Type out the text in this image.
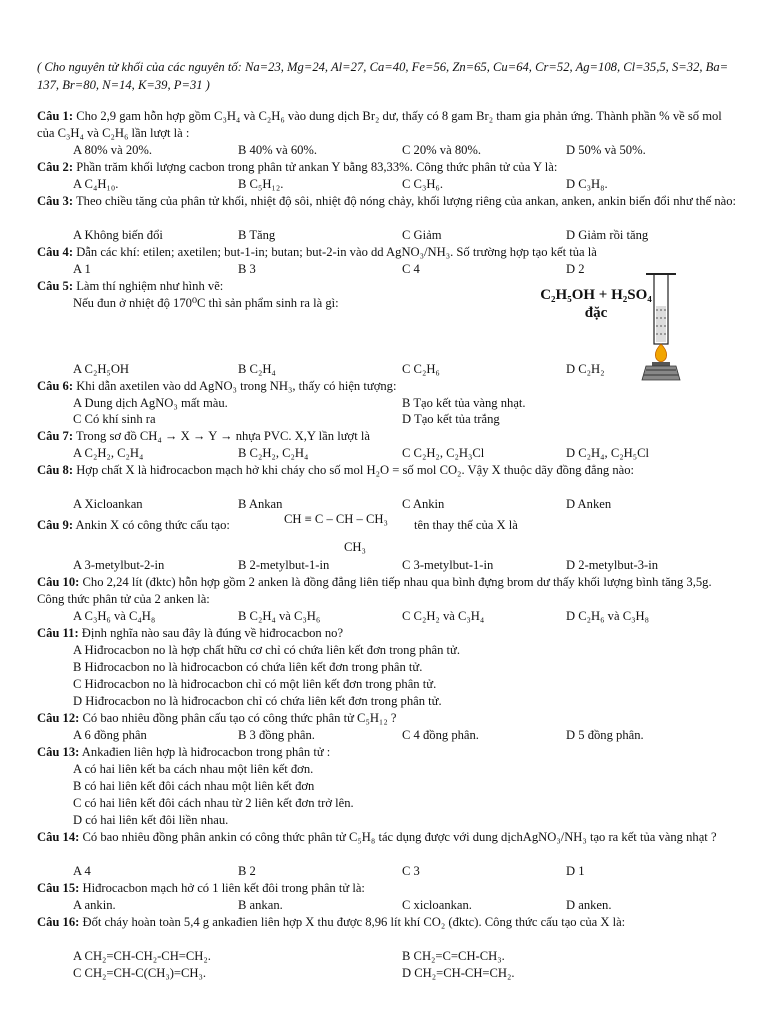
( Cho nguyên tử khối của các nguyên tố: Na=23, Mg=24, Al=27, Ca=40, Fe=56, Zn=65, Cu=64, Cr=52, Ag=108, Cl=35,5, S=32, Ba= 137, Br=80, N=14, K=39, P=31 )
Câu 1: Cho 2,9 gam hỗn hợp gồm C₃H₄ và C₂H₆ vào dung dịch Br₂ dư, thấy có 8 gam Br₂ tham gia phản ứng. Thành phần % về số mol của C₃H₄ và C₂H₆ lần lượt là :
A 80% và 20%.	B 40% và 60%.	C 20% và 80%.	D 50% và 50%.
Câu 2: Phần trăm khối lượng cacbon trong phân tử ankan Y bằng 83,33%. Công thức phân tử của Y là:
A C₄H₁₀.	B C₅H₁₂.	C C₃H₆.	D C₃H₈.
Câu 3: Theo chiều tăng của phân tử khối, nhiệt độ sôi, nhiệt độ nóng chảy, khối lượng riêng của ankan, anken, ankin biến đổi như thế nào:
A Không biến đổi	B Tăng	C Giảm	D Giảm rồi tăng
Câu 4: Dẫn các khí: etilen; axetilen; but-1-in; butan; but-2-in vào dd AgNO₃/NH₃. Số trường hợp tạo kết tủa là
A 1	B 3	C 4	D 2
Câu 5: Làm thí nghiệm như hình vẽ:
Nếu đun ở nhiệt độ 170⁰C thì sản phẩm sinh ra là gì:	C₂H₅OH + H₂SO₄
đặc
A C₂H₅OH	B C₂H₄	C C₂H₆	D C₂H₂
Câu 6: Khi dẫn axetilen vào dd AgNO₃ trong NH₃, thấy có hiện tượng:
A Dung dịch AgNO₃ mất màu.	B Tạo kết tủa vàng nhạt.
C Có khí sinh ra	D Tạo kết tủa trắng
Câu 7: Trong sơ đồ CH₄ → X → Y → nhựa PVC. X,Y lần lượt là
A C₂H₂, C₂H₄	B C₂H₂, C₂H₄	C C₂H₂, C₂H₃Cl	D C₂H₄, C₂H₅Cl
Câu 8: Hợp chất X là hiđrocacbon mạch hở khi cháy cho số mol H₂O = số mol CO₂. Vậy X thuộc dãy đồng đẳng nào:
A Xicloankan	B Ankan	C Ankin	D Anken
Câu 9: Ankin X có công thức cấu tạo:	CH ≡ C – CH – CH₃
CH₃
tên thay thế của X là
A 3-metylbut-2-in	B 2-metylbut-1-in	C 3-metylbut-1-in	D 2-metylbut-3-in
Câu 10: Cho 2,24 lít (đktc) hỗn hợp gồm 2 anken là đồng đẳng liên tiếp nhau qua bình đựng brom dư thấy khối lượng bình tăng 3,5g. Công thức phân tử của 2 anken là:
A C₃H₆ và C₄H₈	B C₂H₄ và C₃H₆	C C₂H₂ và C₃H₄	D C₂H₆ và C₃H₈
Câu 11: Định nghĩa nào sau đây là đúng về hiđrocacbon no?
A Hiđrocacbon no là hợp chất hữu cơ chỉ có chứa liên kết đơn trong phân tử.
B Hiđrocacbon no là hiđrocacbon có chứa liên kết đơn trong phân tử.
C Hiđrocacbon no là hiđrocacbon chỉ có một liên kết đơn trong phân tử.
D Hiđrocacbon no là hiđrocacbon chỉ có chứa liên kết đơn trong phân tử.
Câu 12: Có bao nhiêu đồng phân cấu tạo có công thức phân tử C₅H₁₂ ?
A 6 đồng phân	B 3 đồng phân.	C 4 đồng phân.	D 5 đồng phân.
Câu 13: Ankađien liên hợp là hiđrocacbon trong phân tử :
A có hai liên kết ba cách nhau một liên kết đơn.
B có hai liên kết đôi cách nhau một liên kết đơn
C có hai liên kết đôi cách nhau từ 2 liên kết đơn trở lên.
D có hai liên kết đôi liền nhau.
Câu 14: Có bao nhiêu đồng phân ankin có công thức phân tử C₅H₈ tác dụng được với dung dịchAgNO₃/NH₃ tạo ra kết tủa vàng nhạt ?
A 4	B 2	C 3	D 1
Câu 15: Hiđrocacbon mạch hở có 1 liên kết đôi trong phân tử là:
A ankin.	B ankan.	C xicloankan.	D anken.
Câu 16: Đốt cháy hoàn toàn 5,4 g ankađien liên hợp X thu được 8,96 lít khí CO₂ (đktc). Công thức cấu tạo của X là:
A CH₂=CH-CH₂-CH=CH₂.	B CH₂=C=CH-CH₃.
C CH₂=CH-C(CH₃)=CH₃.	D CH₂=CH-CH=CH₂.
